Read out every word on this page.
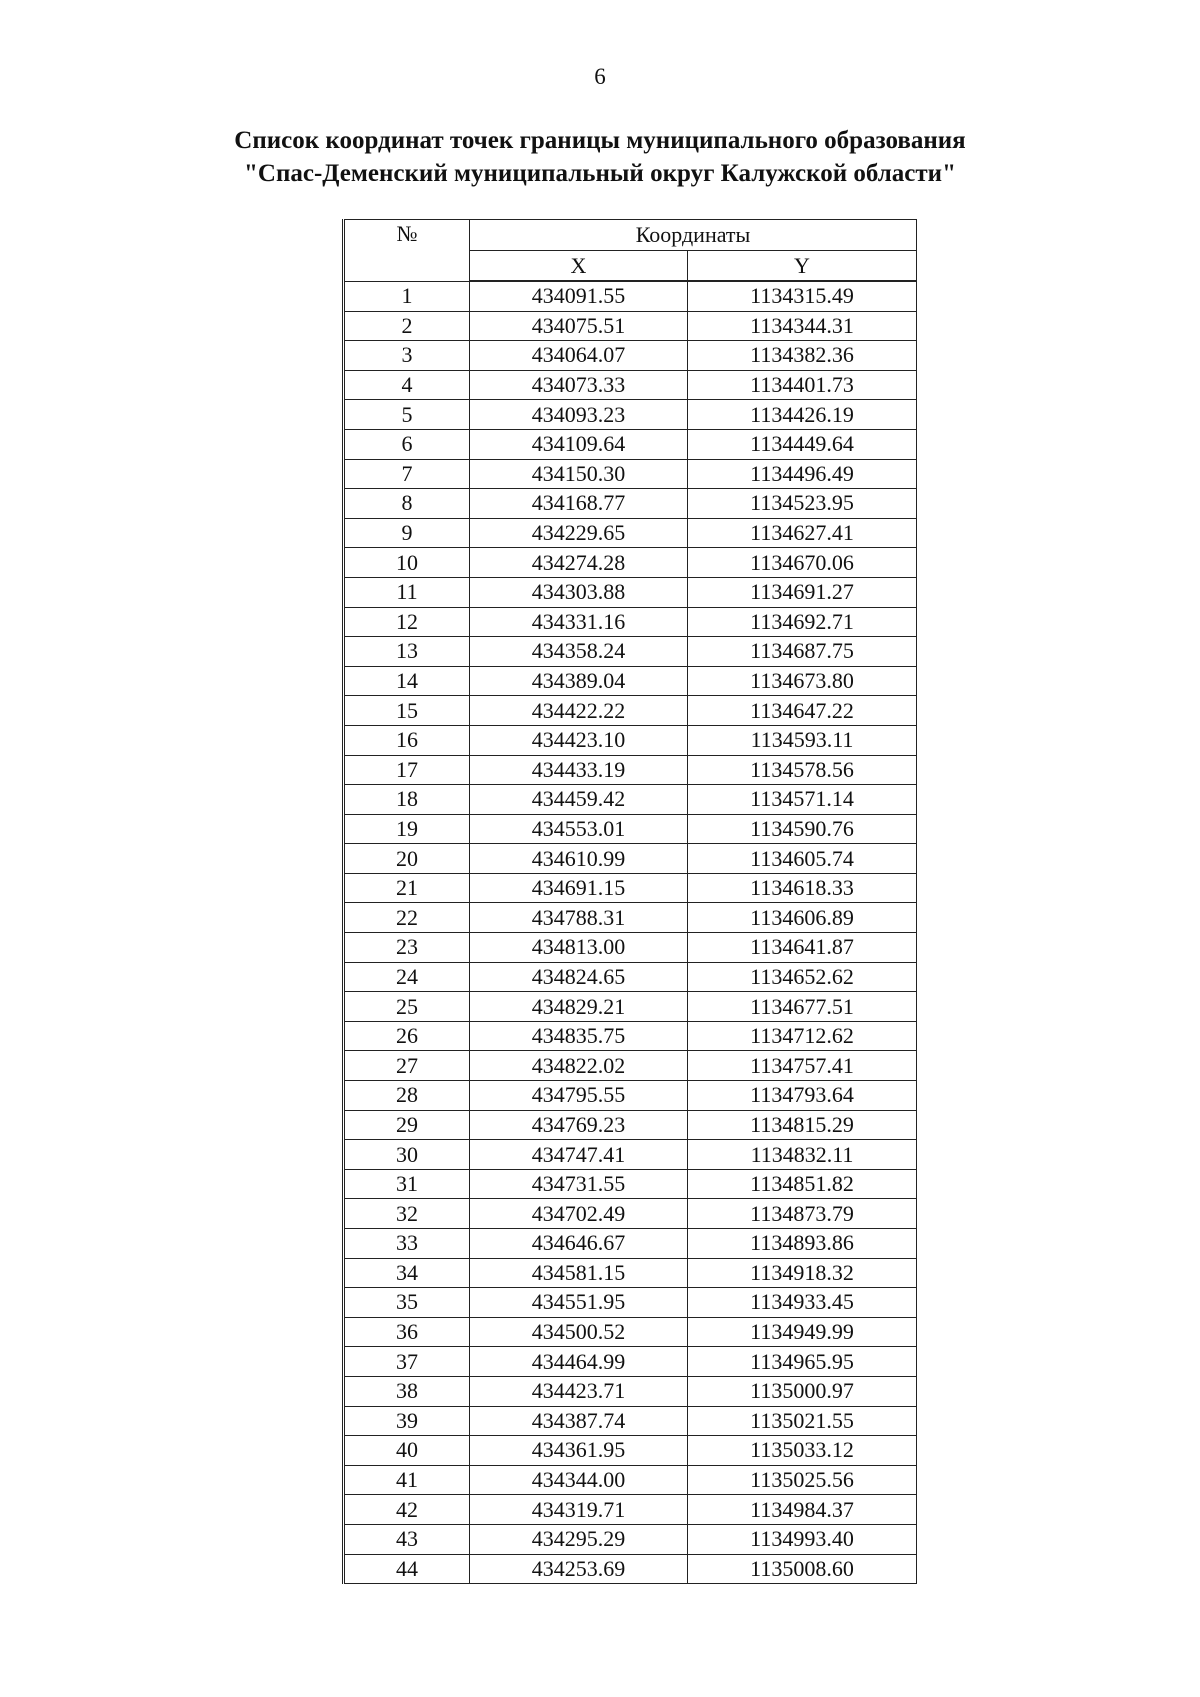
6
Список координат точек границы муниципального образования
"Спас-Деменский муниципальный округ Калужской области"
№	Координаты	
	X	Y
1	434091.55	1134315.49
2	434075.51	1134344.31
3	434064.07	1134382.36
4	434073.33	1134401.73
5	434093.23	1134426.19
6	434109.64	1134449.64
7	434150.30	1134496.49
8	434168.77	1134523.95
9	434229.65	1134627.41
10	434274.28	1134670.06
11	434303.88	1134691.27
12	434331.16	1134692.71
13	434358.24	1134687.75
14	434389.04	1134673.80
15	434422.22	1134647.22
16	434423.10	1134593.11
17	434433.19	1134578.56
18	434459.42	1134571.14
19	434553.01	1134590.76
20	434610.99	1134605.74
21	434691.15	1134618.33
22	434788.31	1134606.89
23	434813.00	1134641.87
24	434824.65	1134652.62
25	434829.21	1134677.51
26	434835.75	1134712.62
27	434822.02	1134757.41
28	434795.55	1134793.64
29	434769.23	1134815.29
30	434747.41	1134832.11
31	434731.55	1134851.82
32	434702.49	1134873.79
33	434646.67	1134893.86
34	434581.15	1134918.32
35	434551.95	1134933.45
36	434500.52	1134949.99
37	434464.99	1134965.95
38	434423.71	1135000.97
39	434387.74	1135021.55
40	434361.95	1135033.12
41	434344.00	1135025.56
42	434319.71	1134984.37
43	434295.29	1134993.40
44	434253.69	1135008.60
